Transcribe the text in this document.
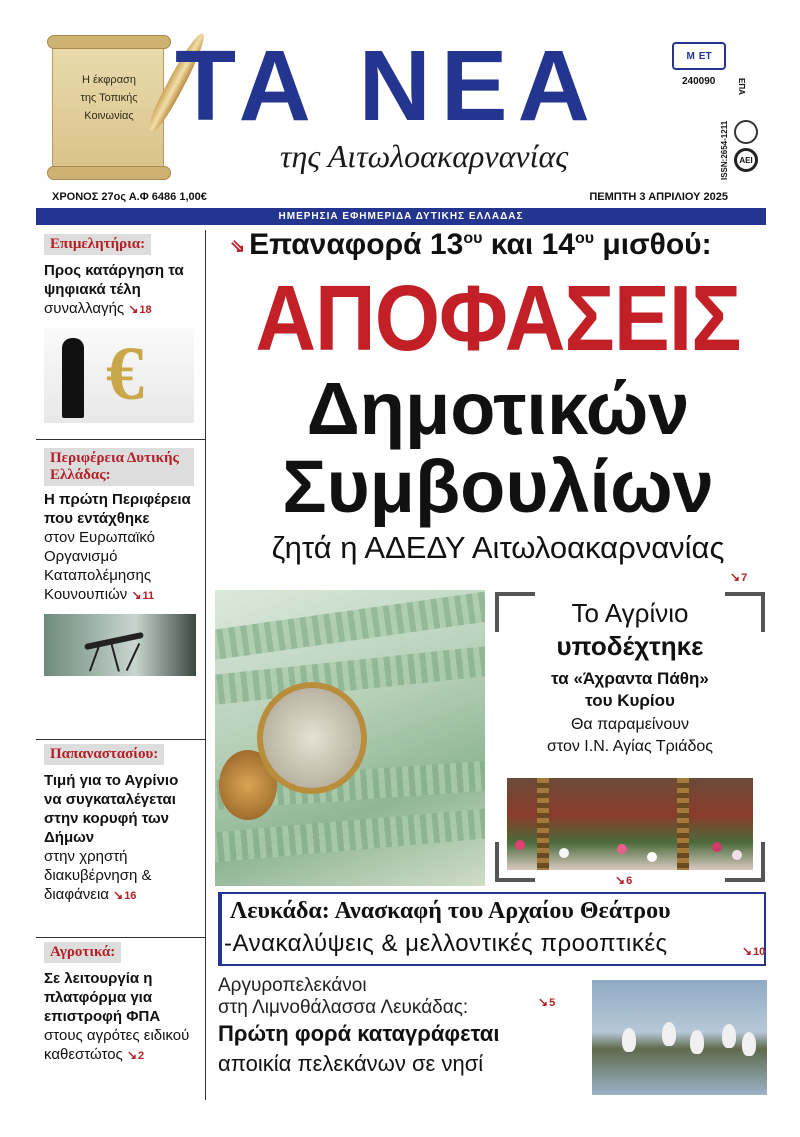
Η έκφραση
της Τοπικής
Κοινωνίας ΤΑ ΝΕΑ
της Αιτωλοακαρνανίας
Μ ΕΤ
240090
ISSN:2654-1211
ΕΠΑ
ΑΕΙ
ΧΡΟΝΟΣ 27ος Α.Φ 6486 1,00€	ΠΕΜΠΤΗ 3 ΑΠΡΙΛΙΟΥ 2025
ΗΜΕΡΗΣΙΑ ΕΦΗΜΕΡΙΔΑ ΔΥΤΙΚΗΣ ΕΛΛΑΔΑΣ
Επιμελητήρια:
Προς κατάργηση τα ψηφιακά τέλη
συναλλαγής ↘ 18
€
Περιφέρεια Δυτικής Ελλάδας:
Η πρώτη Περιφέρεια που εντάχθηκε
στον Ευρωπαϊκό Οργανισμό Καταπολέμησης Κουνουπιών ↘ 11
Παπαναστασίου:
Τιμή για το Αγρίνιο να συγκαταλέγεται στην κορυφή των Δήμων
στην χρηστή διακυβέρνηση & διαφάνεια ↘ 16
Αγροτικά:
Σε λειτουργία η πλατφόρμα για επιστροφή ΦΠΑ
στους αγρότες ειδικού καθεστώτος ↘ 2
⇘ Επαναφορά $13^{o\upsilon}$ και $14^{o\upsilon}$ μισθού:
ΑΠΟΦΑΣΕΙΣ
Δημοτικών
Συμβουλίων
ζητά η ΑΔΕΔΥ Αιτωλοακαρνανίας
↘ 7
Το Αγρίνιο
υποδέχτηκε
τα «Άχραντα Πάθη»
του Κυρίου
Θα παραμείνουν
στον Ι.Ν. Αγίας Τριάδος
↘ 6
Λευκάδα: Ανασκαφή του Αρχαίου Θεάτρου
-Ανακαλύψεις & μελλοντικές προοπτικές	↘ 10
Αργυροπελεκάνοι
στη Λιμνοθάλασσα Λευκάδας:
Πρώτη φορά καταγράφεται
αποικία πελεκάνων σε νησί
↘ 5
